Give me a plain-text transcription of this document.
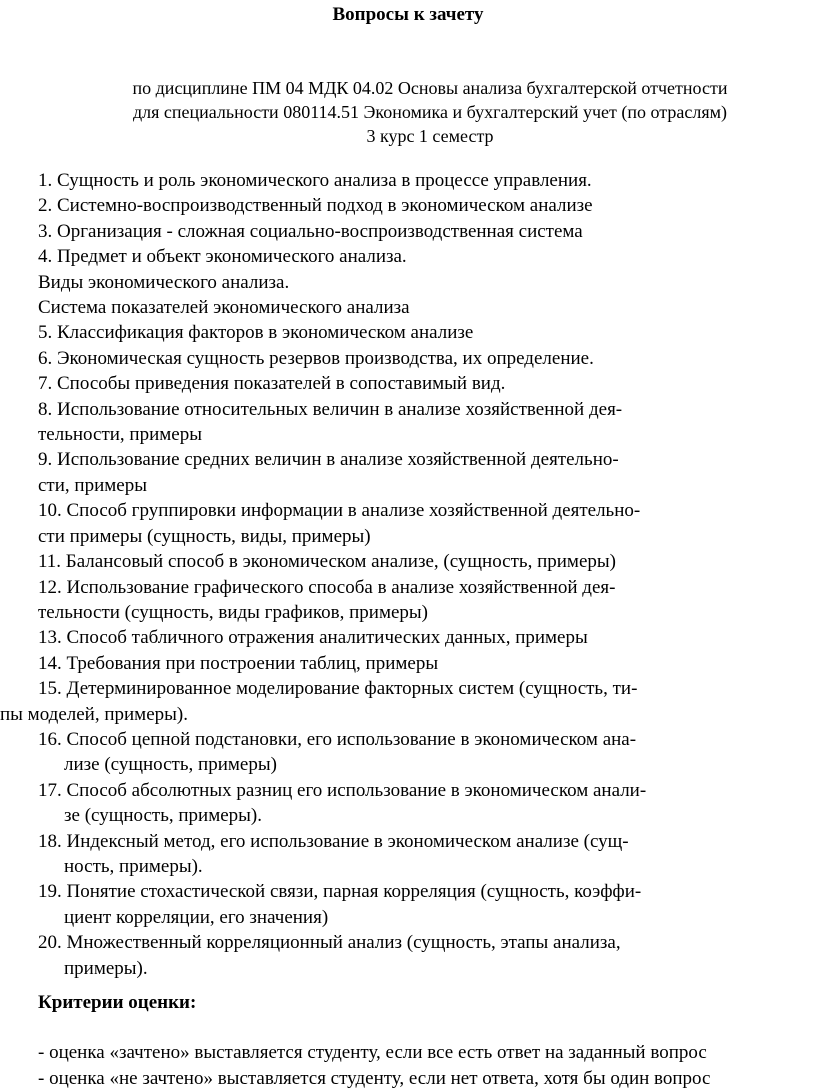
Вопросы к зачету
по дисциплине ПМ 04 МДК 04.02 Основы анализа бухгалтерской отчетности
для специальности 080114.51 Экономика и бухгалтерский учет (по отраслям)
3 курс 1 семестр
1. Сущность и роль экономического анализа в процессе управления.
2. Системно-воспроизводственный подход в экономическом анализе
3. Организация - сложная социально-воспроизводственная система
4. Предмет и объект экономического анализа.
Виды экономического анализа.
Система показателей экономического анализа
5. Классификация факторов в экономическом анализе
6. Экономическая сущность резервов производства, их определение.
7. Способы приведения показателей в сопоставимый вид.
8. Использование относительных величин в анализе хозяйственной дея-
тельности, примеры
9. Использование средних величин в анализе хозяйственной деятельно-
сти, примеры
10. Способ группировки информации в анализе хозяйственной деятельно-
сти примеры (сущность, виды, примеры)
11. Балансовый способ в экономическом анализе, (сущность, примеры)
12. Использование графического способа в анализе хозяйственной дея-
тельности (сущность, виды графиков, примеры)
13. Способ табличного отражения аналитических данных, примеры
14. Требования при построении таблиц, примеры
15. Детерминированное моделирование факторных систем (сущность, ти-
пы моделей, примеры).
16. Способ цепной подстановки, его использование в экономическом ана-
лизе (сущность, примеры)
17. Способ абсолютных разниц его использование в экономическом анали-
зе (сущность, примеры).
18. Индексный метод, его использование в экономическом анализе (сущ-
ность, примеры).
19. Понятие стохастической связи, парная корреляция (сущность, коэффи-
циент корреляции, его значения)
20. Множественный корреляционный анализ (сущность, этапы анализа,
примеры).
Критерии оценки:
- оценка «зачтено» выставляется студенту, если все есть ответ на заданный вопрос
- оценка «не зачтено» выставляется студенту, если нет ответа, хотя бы один вопрос
